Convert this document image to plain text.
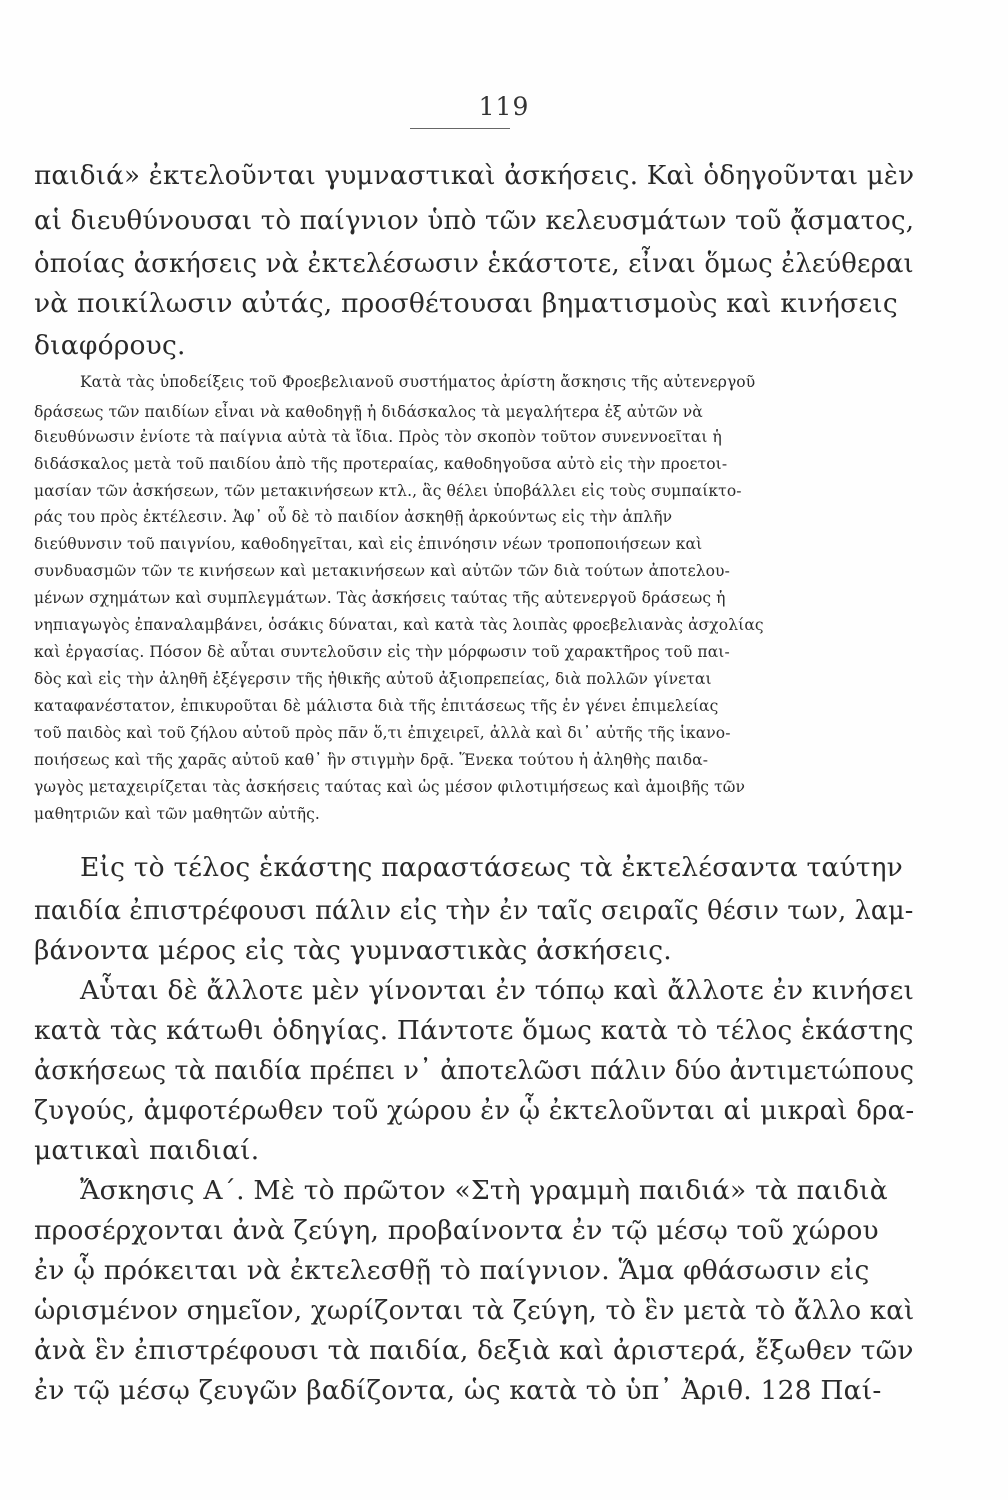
119

παιδιά» ἐκτελοῦνται γυμναστικαὶ ἀσκήσεις. Καὶ ὁδηγοῦνται μὲν

αἱ διευθύνουσαι τὸ παίγνιον ὑπὸ τῶν κελευσμάτων τοῦ ᾄσματος,

ὁποίας ἀσκήσεις νὰ ἐκτελέσωσιν ἑκάστοτε, εἶναι ὅμως ἐλεύθεραι

νὰ ποικίλωσιν αὐτάς, προσθέτουσαι βηματισμοὺς καὶ κινήσεις

διαφόρους.

Κατὰ τὰς ὑποδείξεις τοῦ Φροεβελιανοῦ συστήματος ἀρίστη ἄσκησις τῆς αὐτενεργοῦ

δράσεως τῶν παιδίων εἶναι νὰ καθοδηγῇ ἡ διδάσκαλος τὰ μεγαλήτερα ἐξ αὐτῶν νὰ

διευθύνωσιν ἐνίοτε τὰ παίγνια αὐτὰ τὰ ἴδια. Πρὸς τὸν σκοπὸν τοῦτον συνεννοεῖται ἡ

διδάσκαλος μετὰ τοῦ παιδίου ἀπὸ τῆς προτεραίας, καθοδηγοῦσα αὐτὸ εἰς τὴν προετοι-

μασίαν τῶν ἀσκήσεων, τῶν μετακινήσεων κτλ., ἃς θέλει ὑποβάλλει εἰς τοὺς συμπαίκτο-

ράς του πρὸς ἐκτέλεσιν. Ἀφ᾽ οὗ δὲ τὸ παιδίον ἀσκηθῇ ἀρκούντως εἰς τὴν ἁπλῆν

διεύθυνσιν τοῦ παιγνίου, καθοδηγεῖται, καὶ εἰς ἐπινόησιν νέων τροποποιήσεων καὶ

συνδυασμῶν τῶν τε κινήσεων καὶ μετακινήσεων καὶ αὐτῶν τῶν διὰ τούτων ἀποτελου-

μένων σχημάτων καὶ συμπλεγμάτων. Τὰς ἀσκήσεις ταύτας τῆς αὐτενεργοῦ δράσεως ἡ

νηπιαγωγὸς ἐπαναλαμβάνει, ὁσάκις δύναται, καὶ κατὰ τὰς λοιπὰς φροεβελιανὰς ἀσχολίας

καὶ ἐργασίας. Πόσον δὲ αὗται συντελοῦσιν εἰς τὴν μόρφωσιν τοῦ χαρακτῆρος τοῦ παι-

δὸς καὶ εἰς τὴν ἀληθῆ ἐξέγερσιν τῆς ἠθικῆς αὐτοῦ ἀξιοπρεπείας, διὰ πολλῶν γίνεται

καταφανέστατον, ἐπικυροῦται δὲ μάλιστα διὰ τῆς ἐπιτάσεως τῆς ἐν γένει ἐπιμελείας

τοῦ παιδὸς καὶ τοῦ ζήλου αὐτοῦ πρὸς πᾶν ὅ,τι ἐπιχειρεῖ, ἀλλὰ καὶ δι᾽ αὐτῆς τῆς ἱκανο-

ποιήσεως καὶ τῆς χαρᾶς αὐτοῦ καθ᾽ ἣν στιγμὴν δρᾷ. Ἕνεκα τούτου ἡ ἀληθὴς παιδα-

γωγὸς μεταχειρίζεται τὰς ἀσκήσεις ταύτας καὶ ὡς μέσον φιλοτιμήσεως καὶ ἀμοιβῆς τῶν

μαθητριῶν καὶ τῶν μαθητῶν αὐτῆς.

Εἰς τὸ τέλος ἑκάστης παραστάσεως τὰ ἐκτελέσαντα ταύτην

παιδία ἐπιστρέφουσι πάλιν εἰς τὴν ἐν ταῖς σειραῖς θέσιν των, λαμ-

βάνοντα μέρος εἰς τὰς γυμναστικὰς ἀσκήσεις.

Αὗται δὲ ἄλλοτε μὲν γίνονται ἐν τόπῳ καὶ ἄλλοτε ἐν κινήσει

κατὰ τὰς κάτωθι ὁδηγίας. Πάντοτε ὅμως κατὰ τὸ τέλος ἑκάστης

ἀσκήσεως τὰ παιδία πρέπει ν᾽ ἀποτελῶσι πάλιν δύο ἀντιμετώπους

ζυγούς, ἀμφοτέρωθεν τοῦ χώρου ἐν ᾧ ἐκτελοῦνται αἱ μικραὶ δρα-

ματικαὶ παιδιαί.

Ἄσκησις Α΄. Μὲ τὸ πρῶτον «Στὴ γραμμὴ παιδιά» τὰ παιδιὰ

προσέρχονται ἀνὰ ζεύγη, προβαίνοντα ἐν τῷ μέσῳ τοῦ χώρου

ἐν ᾧ πρόκειται νὰ ἐκτελεσθῇ τὸ παίγνιον. Ἅμα φθάσωσιν εἰς

ὡρισμένον σημεῖον, χωρίζονται τὰ ζεύγη, τὸ ἓν μετὰ τὸ ἄλλο καὶ

ἀνὰ ἓν ἐπιστρέφουσι τὰ παιδία, δεξιὰ καὶ ἀριστερά, ἔξωθεν τῶν

ἐν τῷ μέσῳ ζευγῶν βαδίζοντα, ὡς κατὰ τὸ ὑπ᾽ Ἀριθ. 128 Παί-
